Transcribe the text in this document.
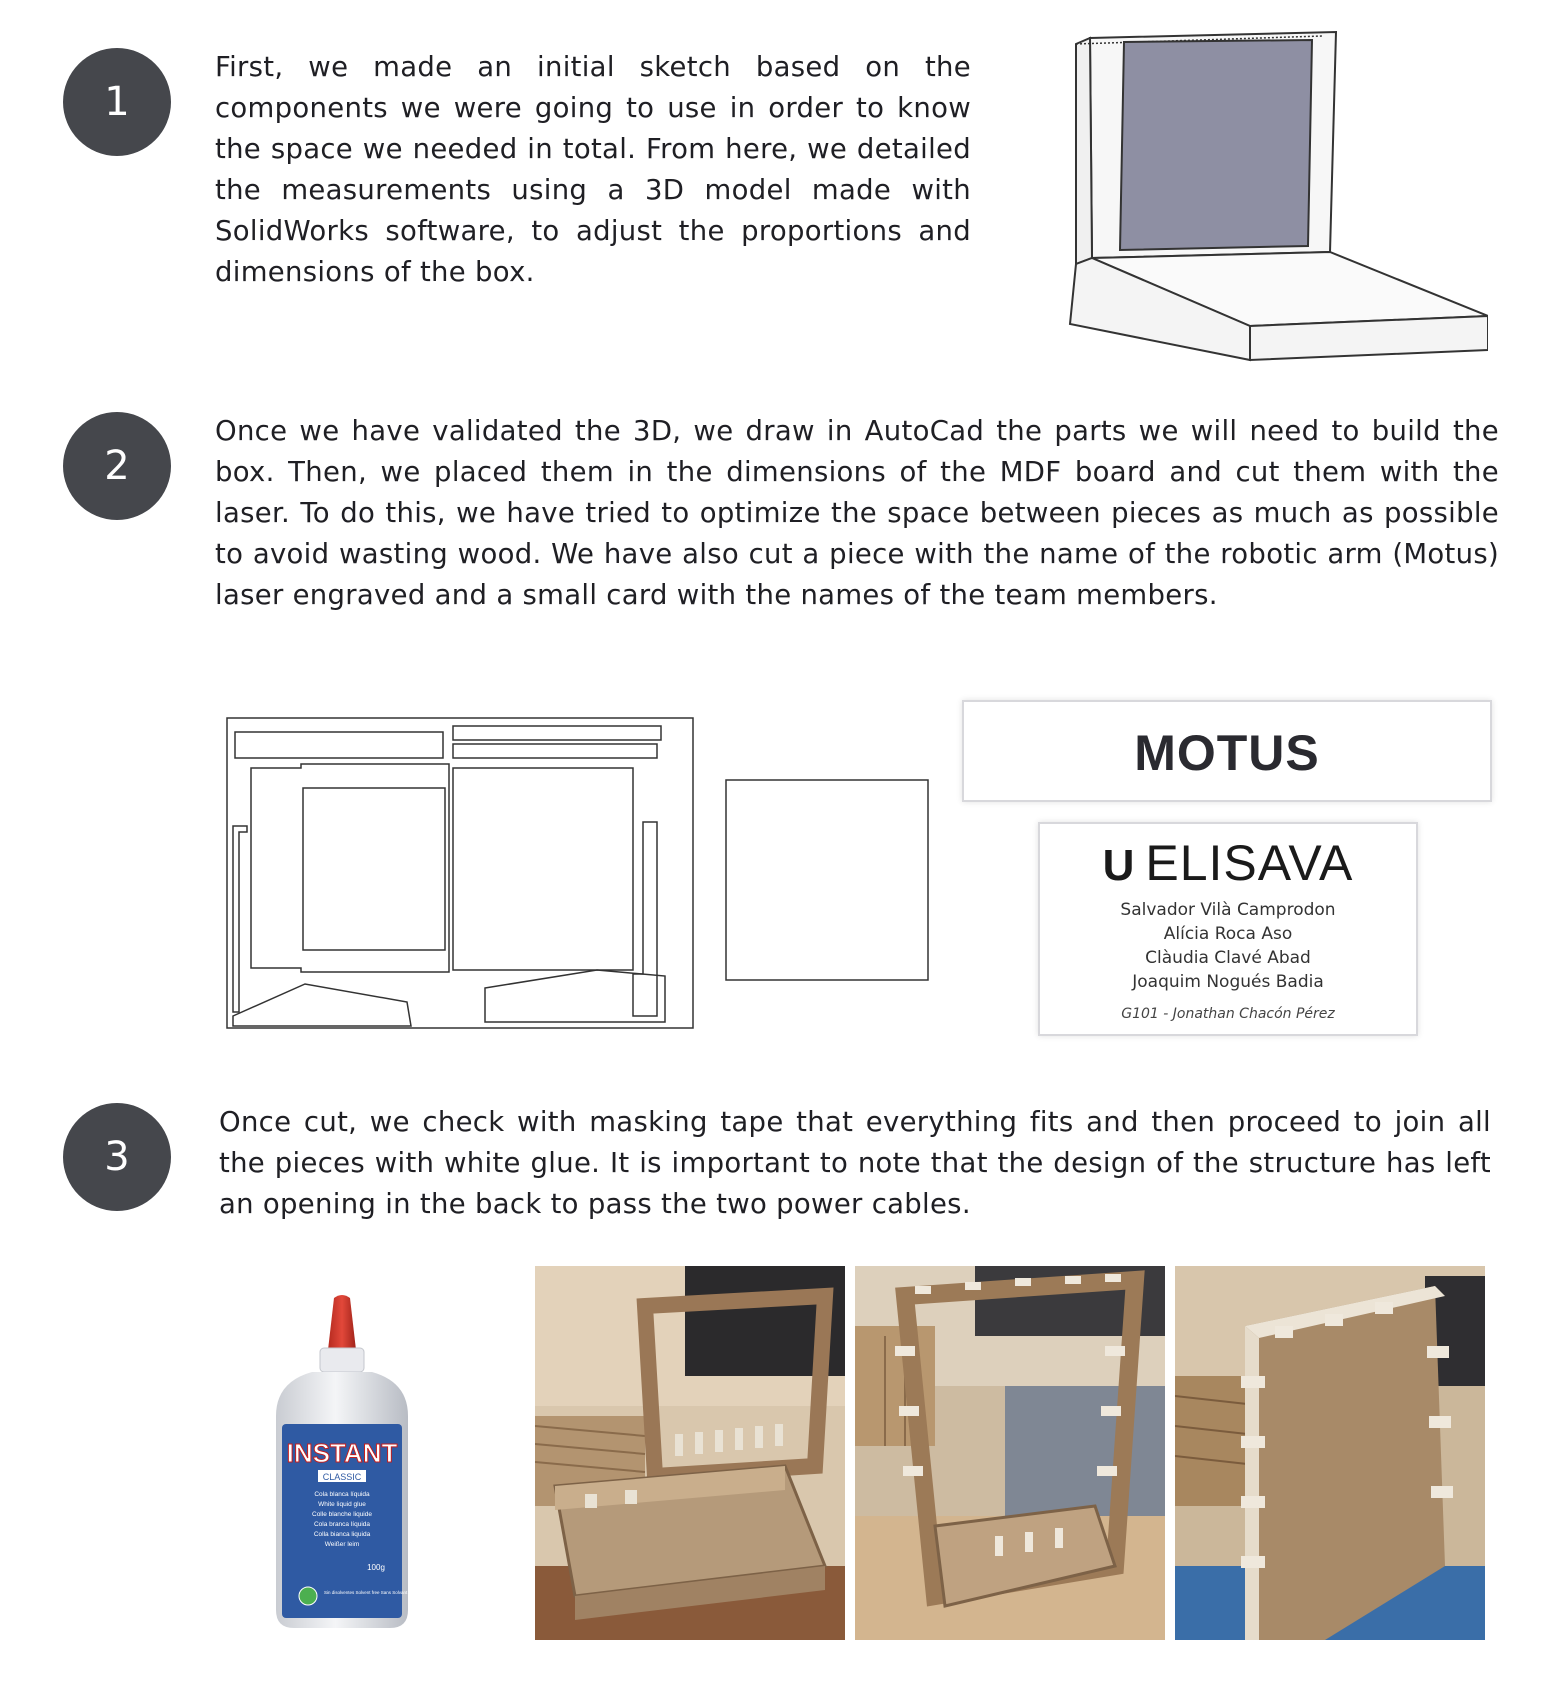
1

First, we made an initial sketch based on the components we were going to use in order to know the space we needed in total. From here, we detailed the measurements using a 3D model made with SolidWorks software, to adjust the proportions and dimensions of the box.

2

Once we have validated the 3D, we draw in AutoCad the parts we will need to build the box. Then, we placed them in the dimensions of the MDF board and cut them with the laser. To do this, we have tried to optimize the space between pieces as much as possible to avoid wasting wood. We have also cut a piece with the name of the robotic arm (Motus) laser engraved and a small card with the names of the team members.

MOTUS
U ELISAVA
Salvador Vilà Camprodon
Alícia Roca Aso
Clàudia Clavé Abad
Joaquim Nogués Badia
G101 - Jonathan Chacón Pérez
3

Once cut, we check with masking tape that everything fits and then proceed to join all the pieces with white glue. It is important to note that the design of the structure has left an opening in the back to pass the two power cables.

INSTANT
CLASSIC
Cola blanca líquida
White liquid glue
Colle blanche liquide
Cola branca líquida
Colla bianca liquida
Weißer leim
100g
Sin disolventes Solvent free Sans Solvant
